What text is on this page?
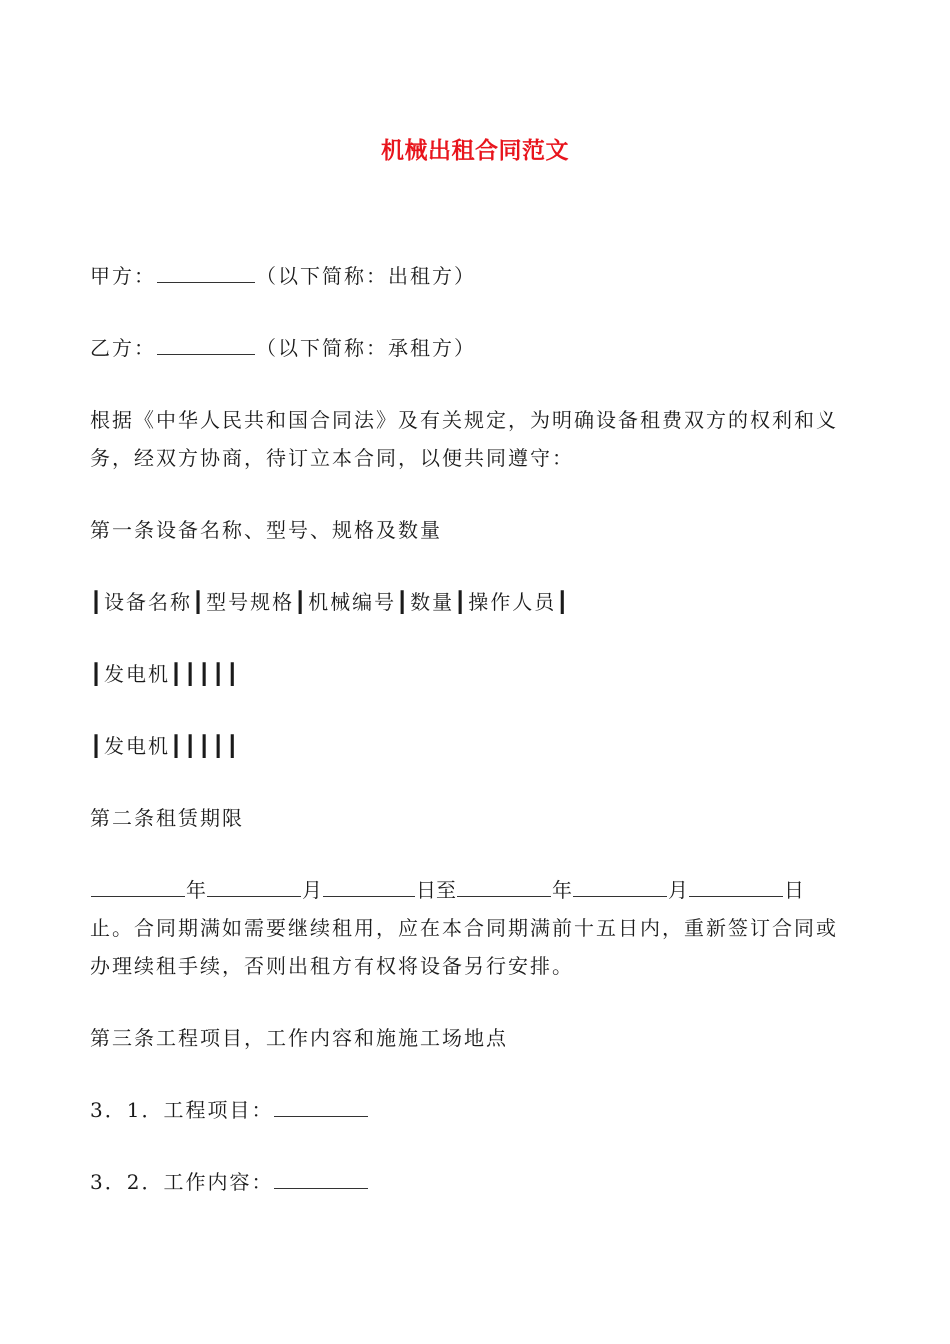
机械出租合同范文
甲方：	（以下简称：出租方）
乙方：	（以下简称：承租方）
根据《中华人民共和国合同法》及有关规定，为明确设备租费双方的权利和义
务，经双方协商，待订立本合同，以便共同遵守：
第一条设备名称、型号、规格及数量
┃设备名称┃型号规格┃机械编号┃数量┃操作人员┃
┃发电机┃┃┃┃┃
┃发电机┃┃┃┃┃
第二条租赁期限
年	月	日至	年	月	日
止。合同期满如需要继续租用，应在本合同期满前十五日内，重新签订合同或
办理续租手续，否则出租方有权将设备另行安排。
第三条工程项目，工作内容和施施工场地点
3．1．工程项目：
3．2．工作内容：
